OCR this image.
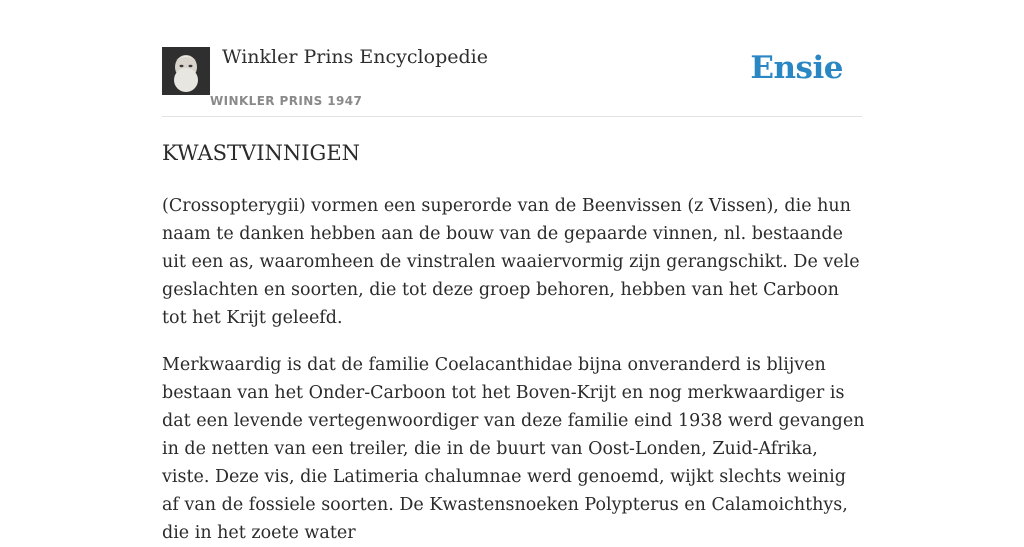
Winkler Prins Encyclopedie
WINKLER PRINS 1947
Ensie
KWASTVINNIGEN

(Crossopterygii) vormen een superorde van de Beenvissen (z Vissen), die hun naam te danken hebben aan de bouw van de gepaarde vinnen, nl. bestaande uit een as, waaromheen de vinstralen waaiervormig zijn gerangschikt. De vele geslachten en soorten, die tot deze groep behoren, hebben van het Carboon tot het Krijt geleefd.

Merkwaardig is dat de familie Coelacanthidae bijna onveranderd is blijven bestaan van het Onder-Carboon tot het Boven-Krijt en nog merkwaardiger is dat een levende vertegenwoordiger van deze familie eind 1938 werd gevangen in de netten van een treiler, die in de buurt van Oost-Londen, Zuid-Afrika, viste. Deze vis, die Latimeria chalumnae werd genoemd, wijkt slechts weinig af van de fossiele soorten. De Kwastensnoeken Polypterus en Calamoichthys, die in het zoete water
